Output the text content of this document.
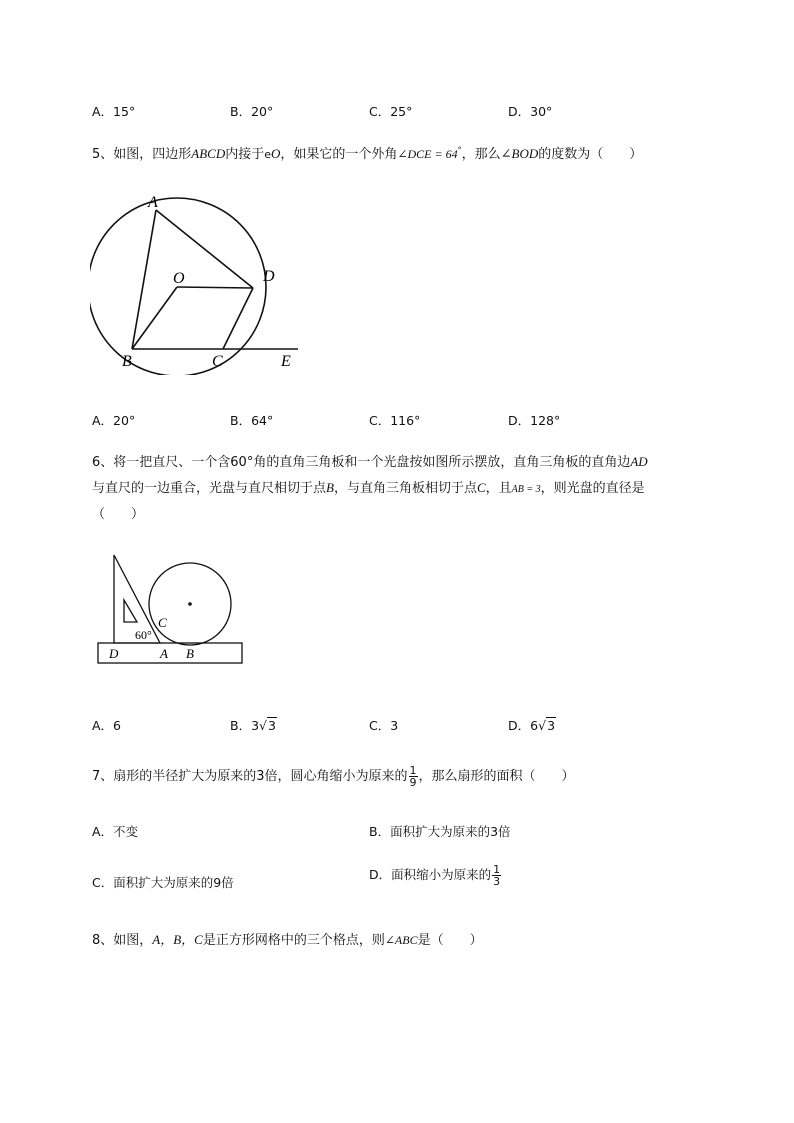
A．15°	B．20°	C．25°	D．30°
5、如图，四边形ABCD内接于eO，如果它的一个外角∠DCE = 64°，那么∠BOD的度数为（　　）
A
O	D
B	C	E
A．20°	B．64°	C．116°	D．128°
6、将一把直尺、一个含60°角的直角三角板和一个光盘按如图所示摆放，直角三角板的直角边AD
与直尺的一边重合，光盘与直尺相切于点B，与直角三角板相切于点C，且AB = 3，则光盘的直径是
（　　）
C
60°
D	A B
A．6	B．3√3	C．3	D．6√3
7、扇形的半径扩大为原来的3倍，圆心角缩小为原来的 $\frac{1}{9}$ ，那么扇形的面积（　　）
A．不变	B．面积扩大为原来的3倍
C．面积扩大为原来的9倍
D．面积缩小为原来的 $\frac{1}{3}$
8、如图，A，B，C是正方形网格中的三个格点，则∠ABC是（　　）
